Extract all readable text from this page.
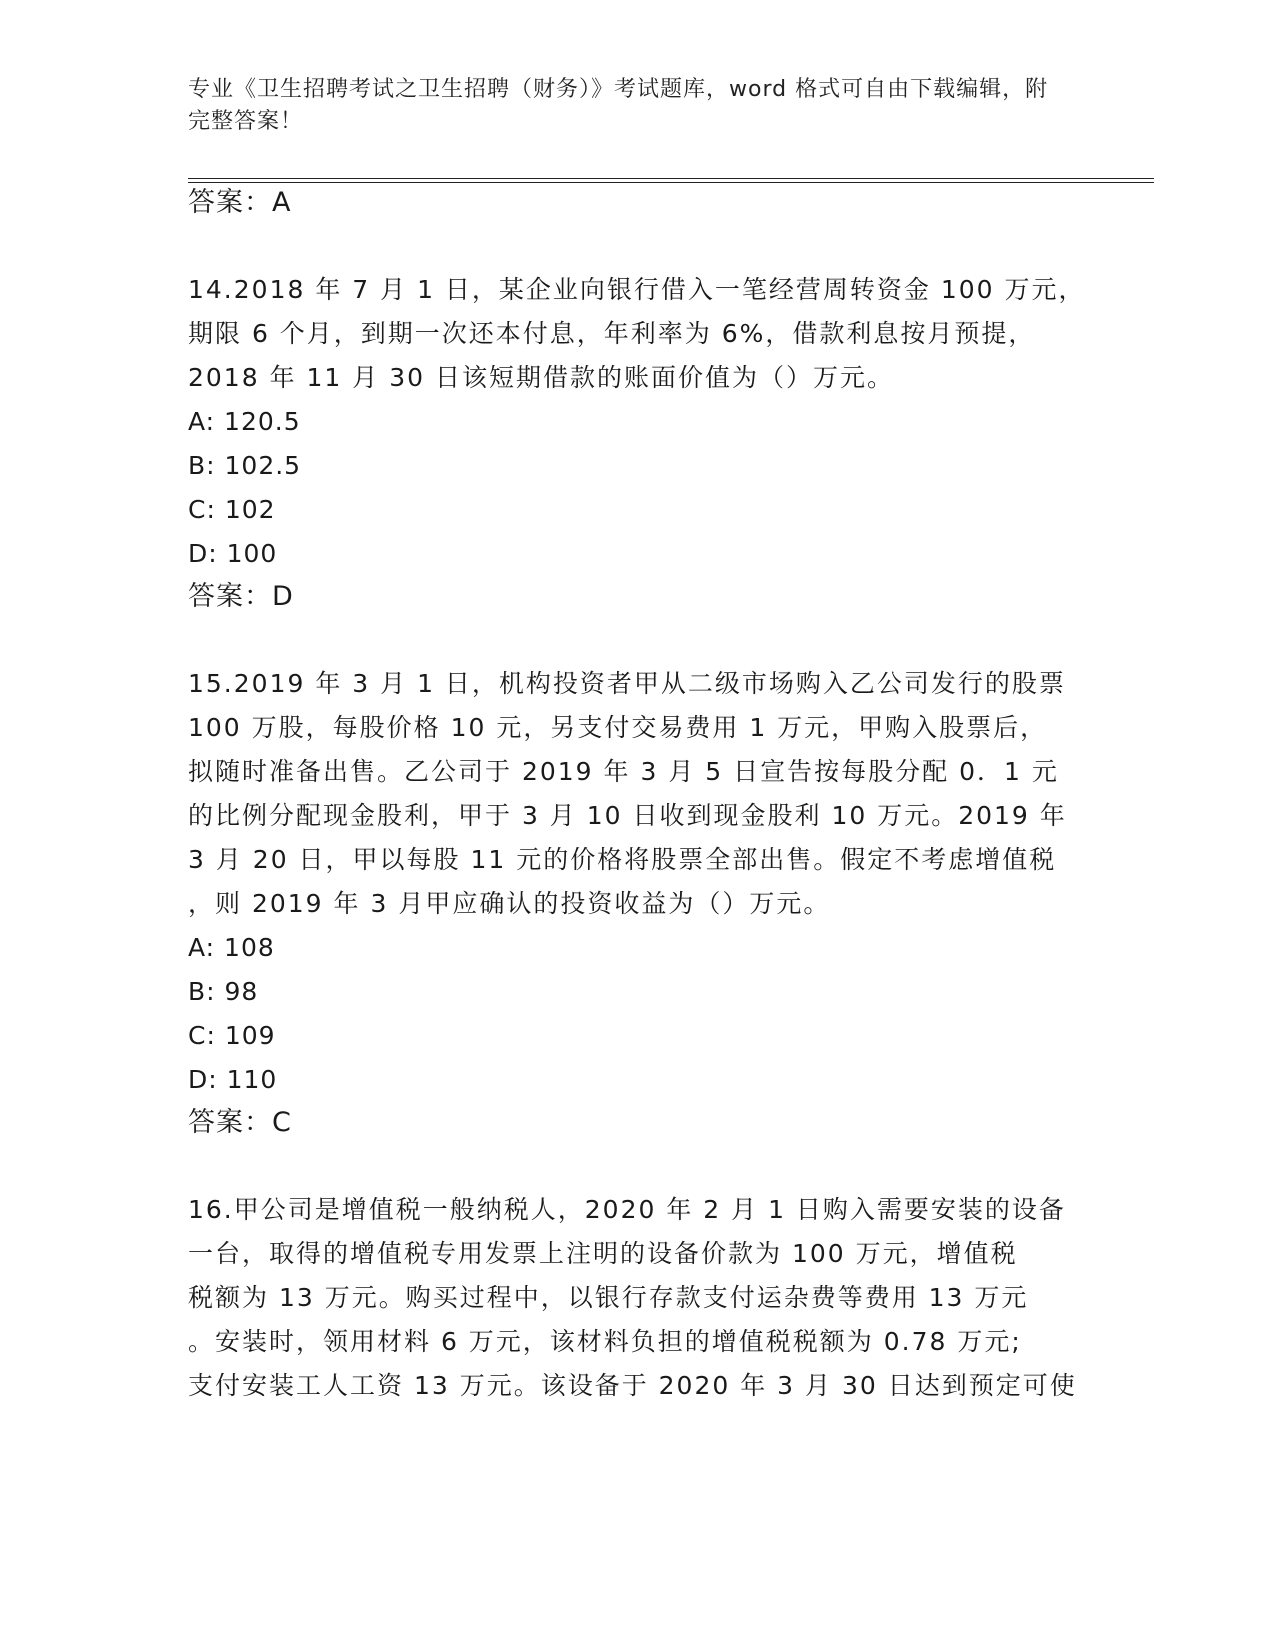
专业《卫生招聘考试之卫生招聘（财务）》考试题库，word 格式可自由下载编辑，附完整答案！
答案：A
14.2018 年 7 月 1 日，某企业向银行借入一笔经营周转资金 100 万元，
期限 6 个月，到期一次还本付息，年利率为 6%，借款利息按月预提，
2018 年 11 月 30 日该短期借款的账面价值为（）万元。
A: 120.5
B: 102.5
C: 102
D: 100
答案：D
15.2019 年 3 月 1 日，机构投资者甲从二级市场购入乙公司发行的股票
100 万股，每股价格 10 元，另支付交易费用 1 万元，甲购入股票后，
拟随时准备出售。乙公司于 2019 年 3 月 5 日宣告按每股分配 0．1 元
的比例分配现金股利，甲于 3 月 10 日收到现金股利 10 万元。2019 年
3 月 20 日，甲以每股 11 元的价格将股票全部出售。假定不考虑增值税
，则 2019 年 3 月甲应确认的投资收益为（）万元。
A: 108
B: 98
C: 109
D: 110
答案：C
16.甲公司是增值税一般纳税人，2020 年 2 月 1 日购入需要安装的设备
一台，取得的增值税专用发票上注明的设备价款为 100 万元，增值税
税额为 13 万元。购买过程中，以银行存款支付运杂费等费用 13 万元
。安装时，领用材料 6 万元，该材料负担的增值税税额为 0.78 万元;
支付安装工人工资 13 万元。该设备于 2020 年 3 月 30 日达到预定可使
